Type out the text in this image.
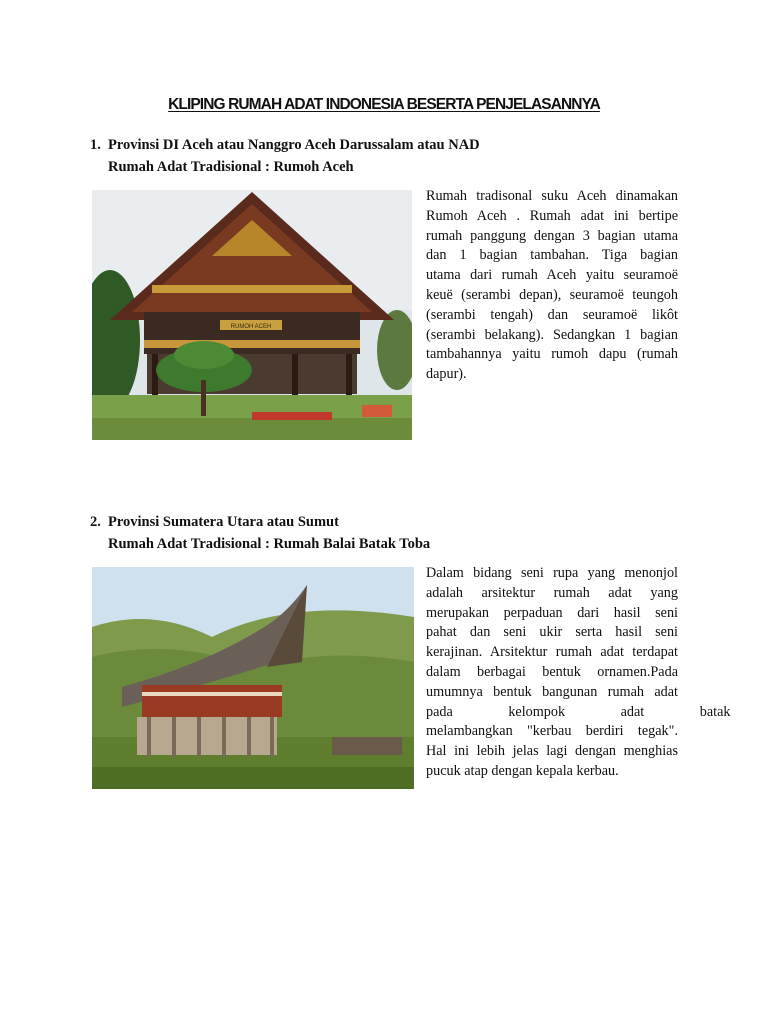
KLIPING RUMAH ADAT INDONESIA BESERTA PENJELASANNYA
1. Provinsi DI Aceh atau Nanggro Aceh Darussalam atau NAD
Rumah Adat Tradisional : Rumoh Aceh
RUMOH ACEH
Rumah tradisonal suku Aceh dinamakan
Rumoh Aceh . Rumah adat ini bertipe
rumah panggung dengan 3 bagian utama
dan 1 bagian tambahan. Tiga bagian
utama dari rumah Aceh yaitu seuramoë
keuë (serambi depan), seuramoë teungoh
(serambi tengah) dan seuramoë likôt
(serambi belakang). Sedangkan 1 bagian
tambahannya yaitu rumoh dapu (rumah
dapur).
2. Provinsi Sumatera Utara atau Sumut
Rumah Adat Tradisional : Rumah Balai Batak Toba
Dalam bidang seni rupa yang menonjol
adalah arsitektur rumah adat yang
merupakan perpaduan dari hasil seni
pahat dan seni ukir serta hasil seni
kerajinan. Arsitektur rumah adat terdapat
dalam berbagai bentuk ornamen.Pada
umumnya bentuk bangunan rumah adat
pada kelompok adat batak
melambangkan "kerbau berdiri tegak".
Hal ini lebih jelas lagi dengan menghias
pucuk atap dengan kepala kerbau.
